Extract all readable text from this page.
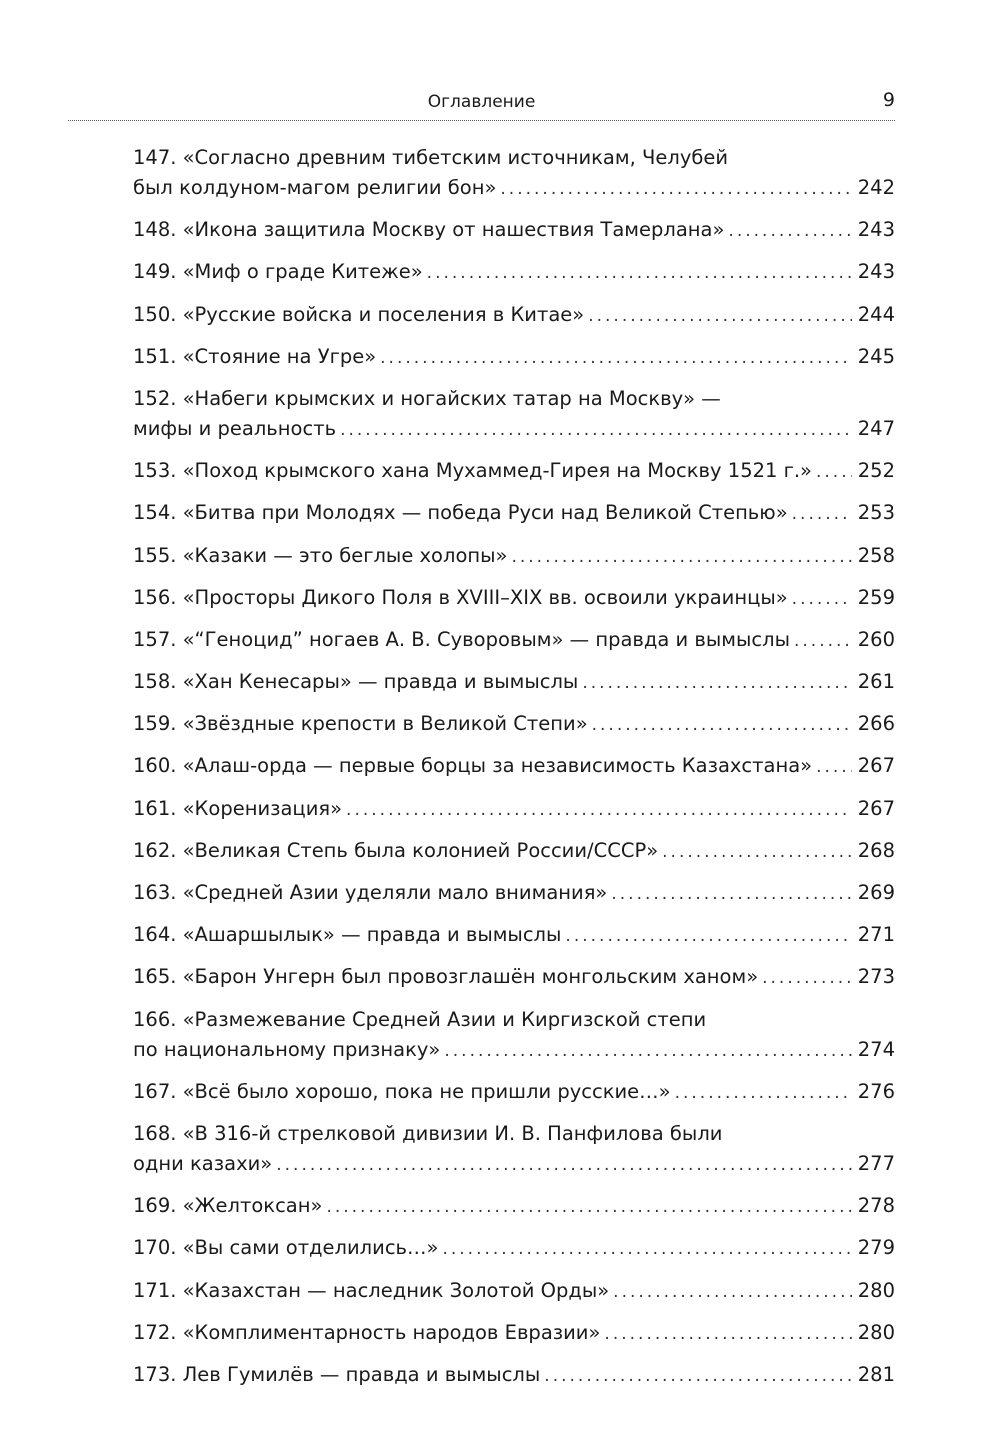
Оглавление	9
147. «Согласно древним тибетским источникам, Челубей
был колдуном-магом религии бон» .....	242
148. «Икона защитила Москву от нашествия Тамерлана» .....	243
149. «Миф о граде Китеже» .....	243
150. «Русские войска и поселения в Китае» .....	244
151. «Стояние на Угре» .....	245
152. «Набеги крымских и ногайских татар на Москву» —
мифы и реальность .....	247
153. «Поход крымского хана Мухаммед-Гирея на Москву 1521 г.» ..... 252
154. «Битва при Молодях — победа Руси над Великой Степью» .....	253
155. «Казаки — это беглые холопы» .....	258
156. «Просторы Дикого Поля в XVIII–XIX вв. освоили украинцы» .....	259
157. «“Геноцид” ногаев А. В. Суворовым» — правда и вымыслы .....	260
158. «Хан Кенесары» — правда и вымыслы .....	261
159. «Звёздные крепости в Великой Степи» .....	266
160. «Алаш-орда — первые борцы за независимость Казахстана» ..... 267
161. «Коренизация» .....	267
162. «Великая Степь была колонией России/СССР» .....	268
163. «Средней Азии уделяли мало внимания» .....	269
164. «Ашаршылык» — правда и вымыслы .....	271
165. «Барон Унгерн был провозглашён монгольским ханом» .....	273
166. «Размежевание Средней Азии и Киргизской степи
по национальному признаку» .....	274
167. «Всё было хорошо, пока не пришли русские…» .....	276
168. «В 316-й стрелковой дивизии И. В. Панфилова были
одни казахи» .....	277
169. «Желтоксан» .....	278
170. «Вы сами отделились…» .....	279
171. «Казахстан — наследник Золотой Орды» .....	280
172. «Комплиментарность народов Евразии» .....	280
173. Лев Гумилёв — правда и вымыслы .....	281
